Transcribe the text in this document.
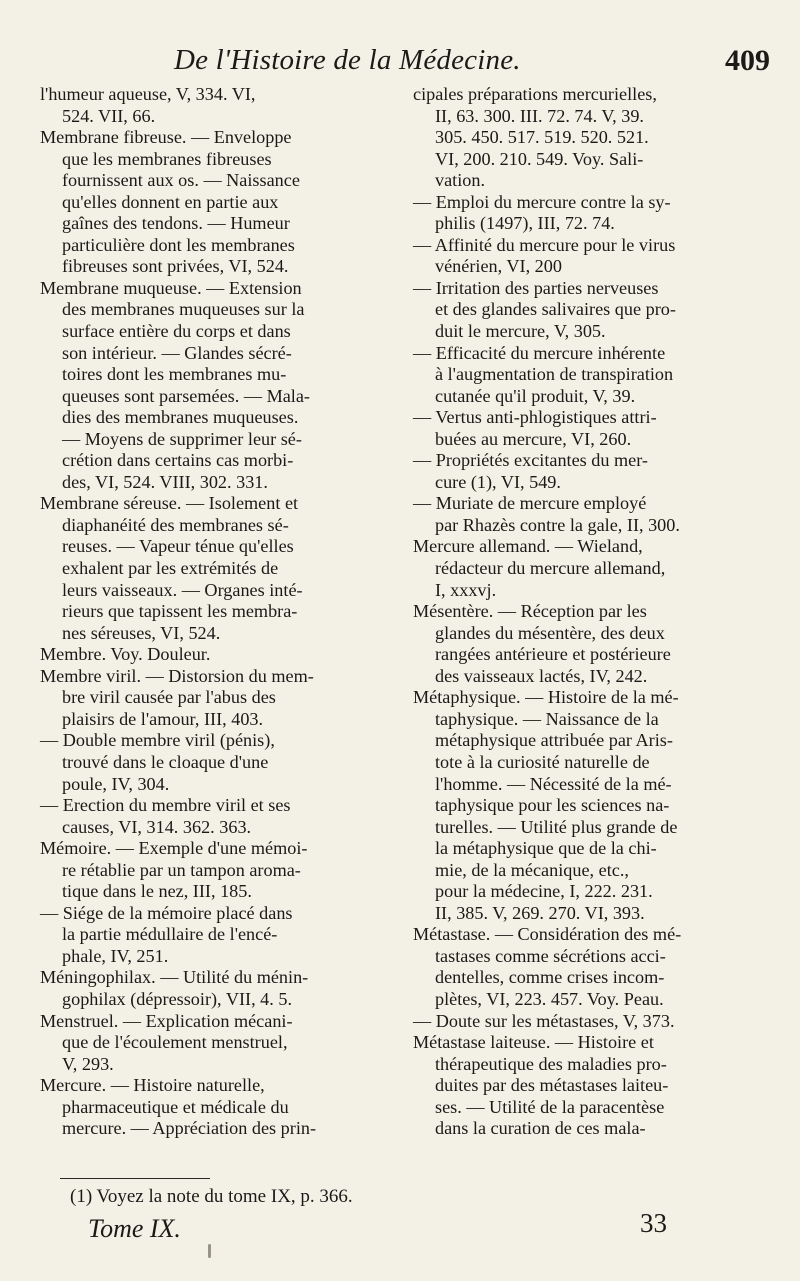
De l'Histoire de la Médecine.	409
l'humeur aqueuse, V, 334. VI,
524. VII, 66.
Membrane fibreuse. — Enveloppe
que les membranes fibreuses
fournissent aux os. — Naissance
qu'elles donnent en partie aux
gaînes des tendons. — Humeur
particulière dont les membranes
fibreuses sont privées, VI, 524.
Membrane muqueuse. — Extension
des membranes muqueuses sur la
surface entière du corps et dans
son intérieur. — Glandes sécré-
toires dont les membranes mu-
queuses sont parsemées. — Mala-
dies des membranes muqueuses.
— Moyens de supprimer leur sé-
crétion dans certains cas morbi-
des, VI, 524. VIII, 302. 331.
Membrane séreuse. — Isolement et
diaphanéité des membranes sé-
reuses. — Vapeur ténue qu'elles
exhalent par les extrémités de
leurs vaisseaux. — Organes inté-
rieurs que tapissent les membra-
nes séreuses, VI, 524.
Membre. Voy. Douleur.
Membre viril. — Distorsion du mem-
bre viril causée par l'abus des
plaisirs de l'amour, III, 403.
— Double membre viril (pénis),
trouvé dans le cloaque d'une
poule, IV, 304.
— Erection du membre viril et ses
causes, VI, 314. 362. 363.
Mémoire. — Exemple d'une mémoi-
re rétablie par un tampon aroma-
tique dans le nez, III, 185.
— Siége de la mémoire placé dans
la partie médullaire de l'encé-
phale, IV, 251.
Méningophilax. — Utilité du ménin-
gophilax (dépressoir), VII, 4. 5.
Menstruel. — Explication mécani-
que de l'écoulement menstruel,
V, 293.
Mercure. — Histoire naturelle,
pharmaceutique et médicale du
mercure. — Appréciation des prin-
cipales préparations mercurielles,
II, 63. 300. III. 72. 74. V, 39.
305. 450. 517. 519. 520. 521.
VI, 200. 210. 549. Voy. Sali-
vation.
— Emploi du mercure contre la sy-
philis (1497), III, 72. 74.
— Affinité du mercure pour le virus
vénérien, VI, 200
— Irritation des parties nerveuses
et des glandes salivaires que pro-
duit le mercure, V, 305.
— Efficacité du mercure inhérente
à l'augmentation de transpiration
cutanée qu'il produit, V, 39.
— Vertus anti-phlogistiques attri-
buées au mercure, VI, 260.
— Propriétés excitantes du mer-
cure (1), VI, 549.
— Muriate de mercure employé
par Rhazès contre la gale, II, 300.
Mercure allemand. — Wieland,
rédacteur du mercure allemand,
I, xxxvj.
Mésentère. — Réception par les
glandes du mésentère, des deux
rangées antérieure et postérieure
des vaisseaux lactés, IV, 242.
Métaphysique. — Histoire de la mé-
taphysique. — Naissance de la
métaphysique attribuée par Aris-
tote à la curiosité naturelle de
l'homme. — Nécessité de la mé-
taphysique pour les sciences na-
turelles. — Utilité plus grande de
la métaphysique que de la chi-
mie, de la mécanique, etc.,
pour la médecine, I, 222. 231.
II, 385. V, 269. 270. VI, 393.
Métastase. — Considération des mé-
tastases comme sécrétions acci-
dentelles, comme crises incom-
plètes, VI, 223. 457. Voy. Peau.
— Doute sur les métastases, V, 373.
Métastase laiteuse. — Histoire et
thérapeutique des maladies pro-
duites par des métastases laiteu-
ses. — Utilité de la paracentèse
dans la curation de ces mala-
(1) Voyez la note du tome IX, p. 366.
Tome IX.	33
